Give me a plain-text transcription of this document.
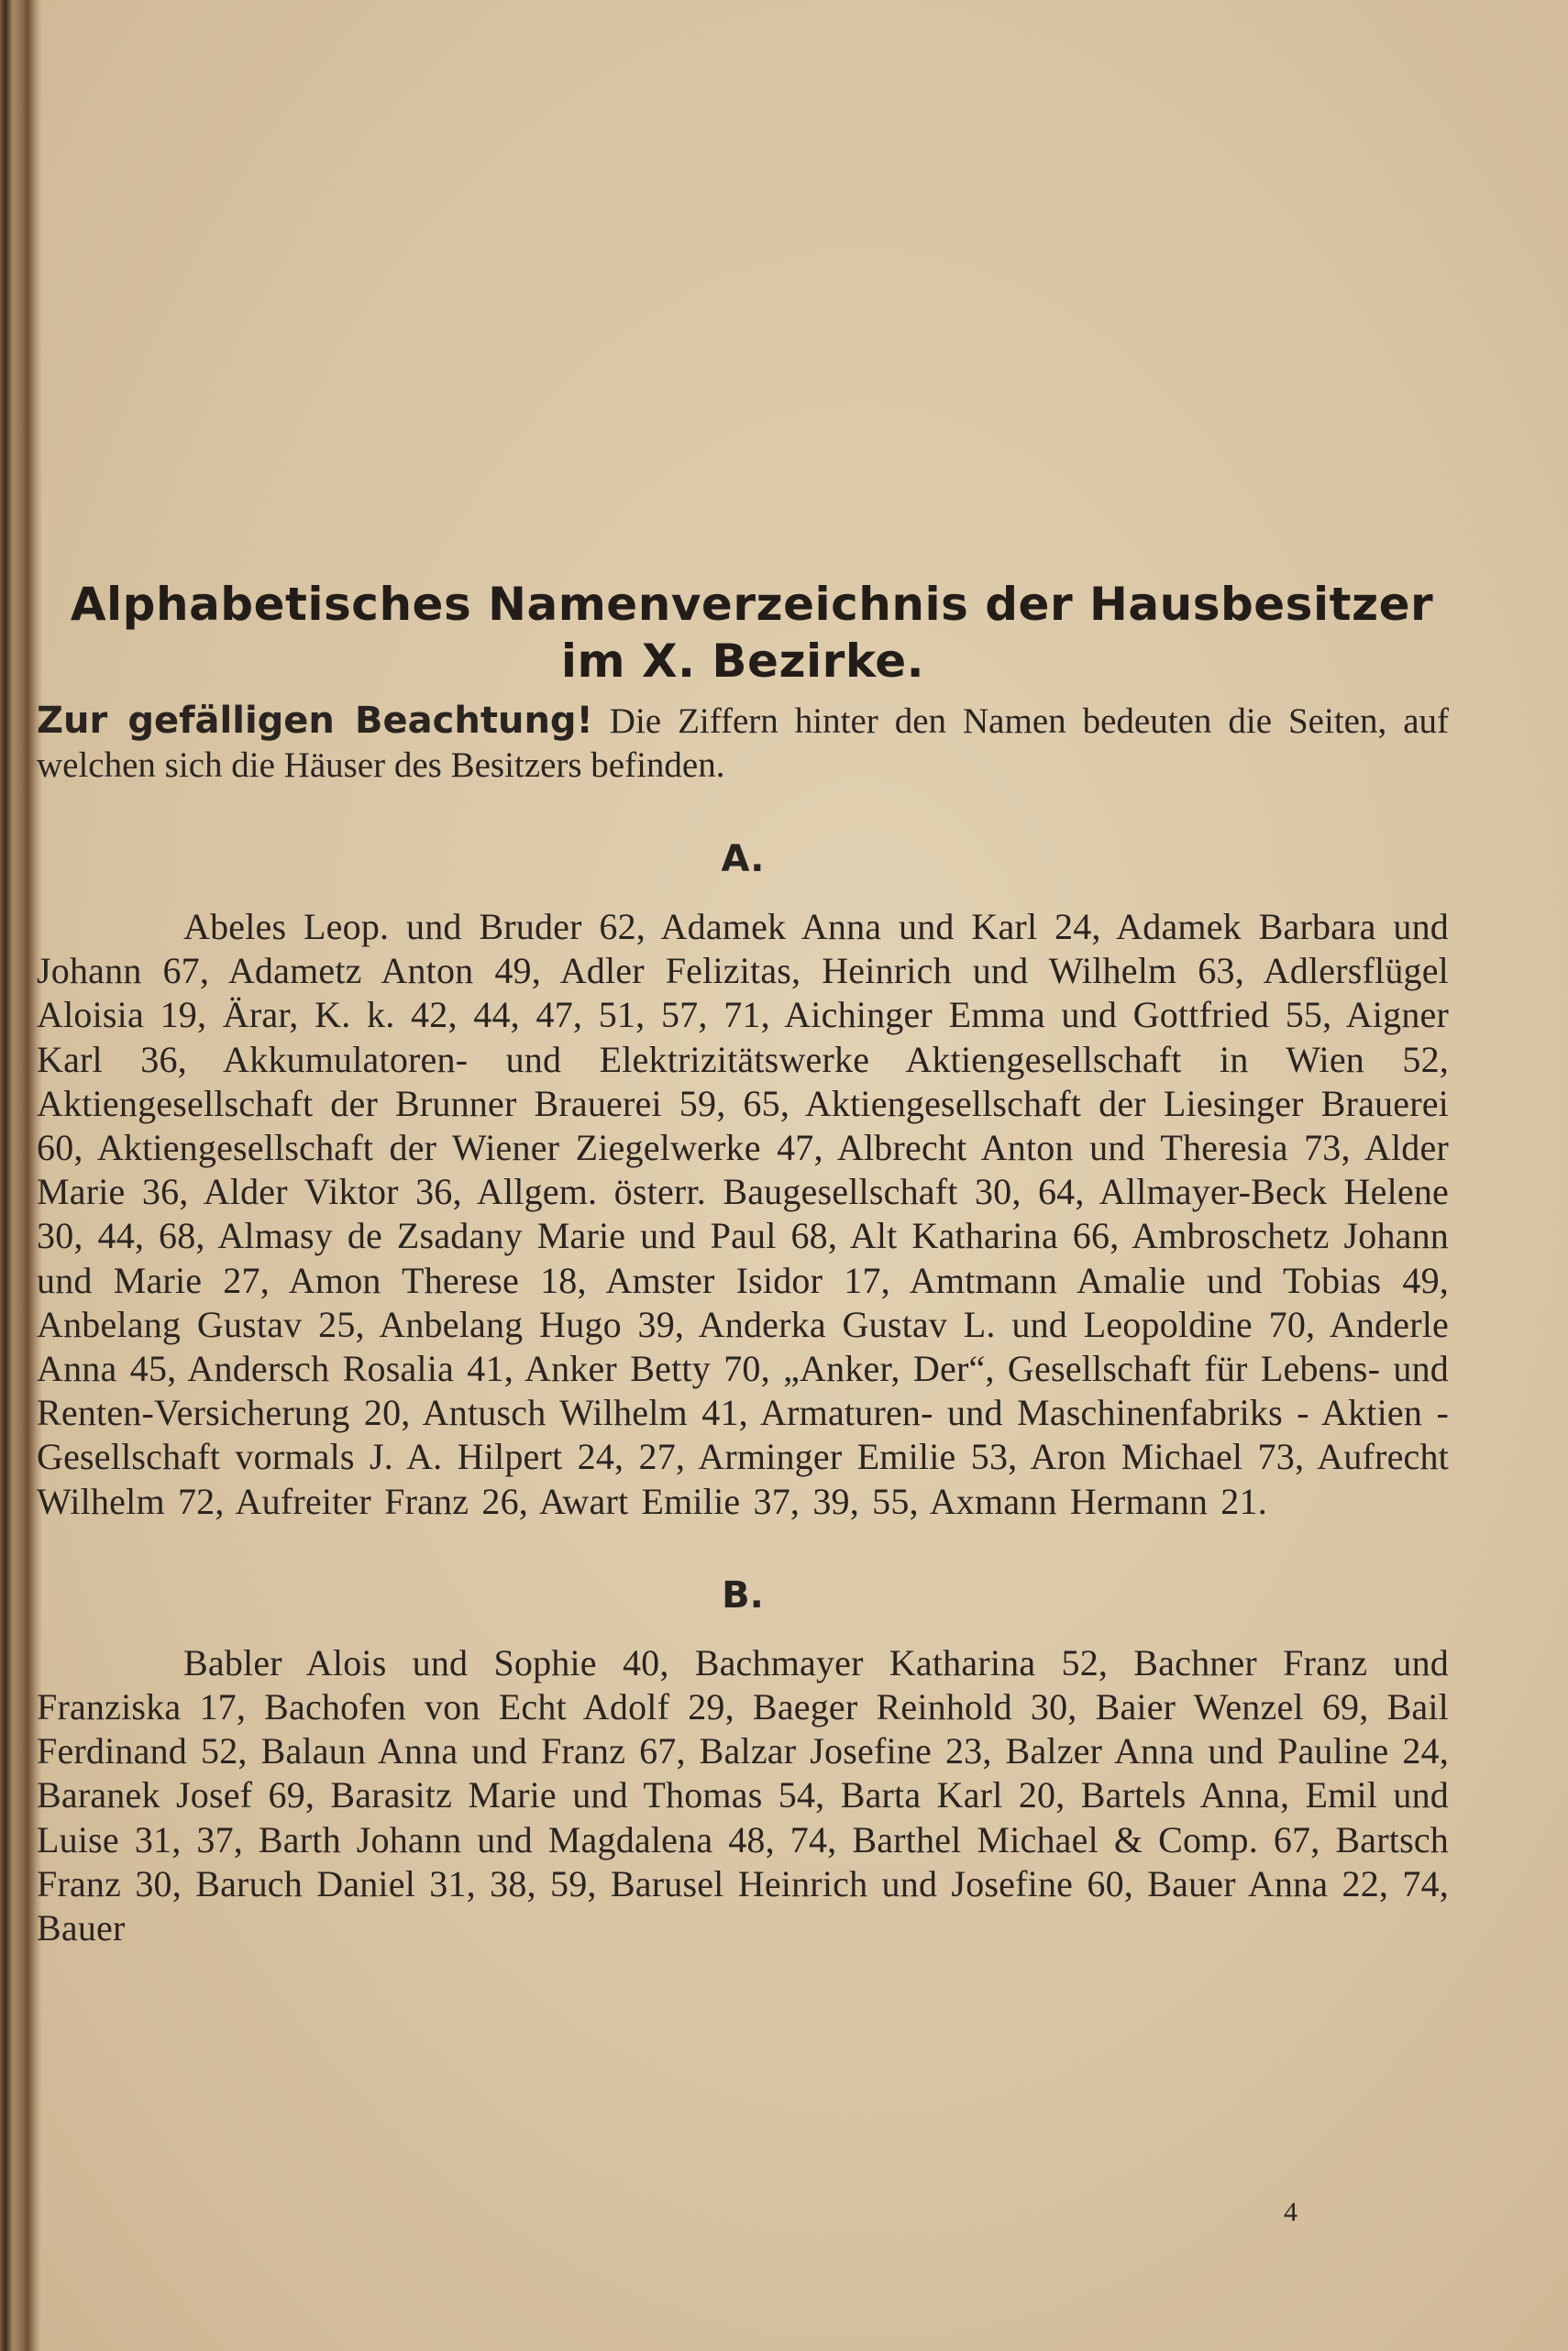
Alphabetisches Namenverzeichnis der Hausbesitzer
im X. Bezirke.

Zur gefälligen Beachtung! Die Ziffern hinter den Namen bedeuten die Seiten, auf welchen sich die Häuser des Besitzers befinden.

A.

Abeles Leop. und Bruder 62, Adamek Anna und Karl 24, Adamek Barbara und Johann 67, Adametz Anton 49, Adler Felizitas, Heinrich und Wilhelm 63, Adlersflügel Aloisia 19, Ärar, K. k. 42, 44, 47, 51, 57, 71, Aichinger Emma und Gottfried 55, Aigner Karl 36, Akkumulatoren- und Elektrizitätswerke Aktiengesellschaft in Wien 52, Aktiengesellschaft der Brunner Brauerei 59, 65, Aktiengesellschaft der Liesinger Brauerei 60, Aktiengesellschaft der Wiener Ziegelwerke 47, Albrecht Anton und Theresia 73, Alder Marie 36, Alder Viktor 36, Allgem. österr. Baugesellschaft 30, 64, Allmayer-Beck Helene 30, 44, 68, Almasy de Zsadany Marie und Paul 68, Alt Katharina 66, Ambroschetz Johann und Marie 27, Amon Therese 18, Amster Isidor 17, Amtmann Amalie und Tobias 49, Anbelang Gustav 25, Anbelang Hugo 39, Anderka Gustav L. und Leopoldine 70, Anderle Anna 45, Andersch Rosalia 41, Anker Betty 70, „Anker, Der“, Gesellschaft für Lebens- und Renten-Versicherung 20, Antusch Wilhelm 41, Armaturen- und Maschinenfabriks - Aktien - Gesellschaft vormals J. A. Hilpert 24, 27, Arminger Emilie 53, Aron Michael 73, Aufrecht Wilhelm 72, Aufreiter Franz 26, Awart Emilie 37, 39, 55, Axmann Hermann 21.

B.

Babler Alois und Sophie 40, Bachmayer Katharina 52, Bachner Franz und Franziska 17, Bachofen von Echt Adolf 29, Baeger Reinhold 30, Baier Wenzel 69, Bail Ferdinand 52, Balaun Anna und Franz 67, Balzar Josefine 23, Balzer Anna und Pauline 24, Baranek Josef 69, Barasitz Marie und Thomas 54, Barta Karl 20, Bartels Anna, Emil und Luise 31, 37, Barth Johann und Magdalena 48, 74, Barthel Michael & Comp. 67, Bartsch Franz 30, Baruch Daniel 31, 38, 59, Barusel Heinrich und Josefine 60, Bauer Anna 22, 74, Bauer

4
